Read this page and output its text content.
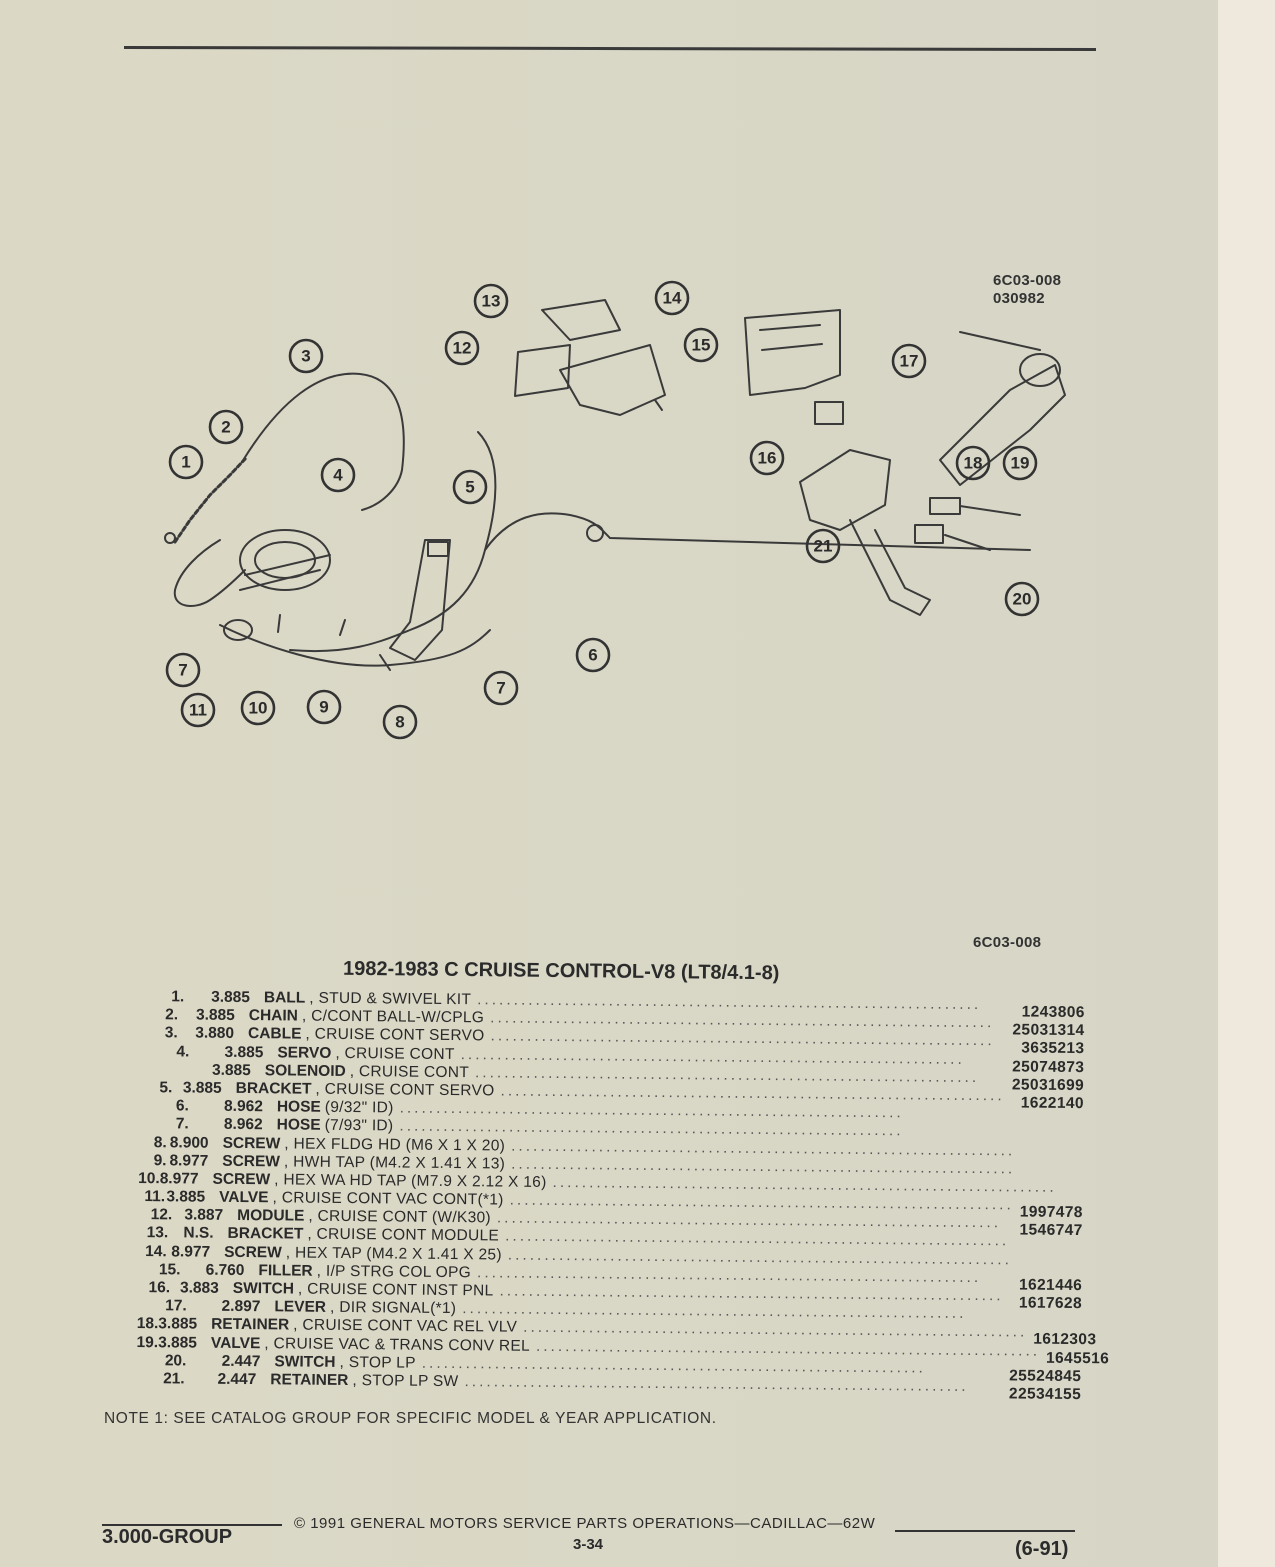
6C03-008
030982
1
2
3
4
5
6
7
7
8
9
10
11
12
13	14
15
16
17
18 19
20
21
6C03-008
1982-1983 C CRUISE CONTROL-V8 (LT8/4.1-8)
1.	3.885 BALL , STUD & SWIVEL KIT .....................................................................	1243806
2.	3.885 CHAIN , C/CONT BALL-W/CPLG .....................................................................	25031314
3.	3.880 CABLE , CRUISE CONT SERVO .....................................................................	3635213
4.	3.885 SERVO , CRUISE CONT .....................................................................	25074873
3.885 SOLENOID , CRUISE CONT .....................................................................	25031699
5. 3.885 BRACKET , CRUISE CONT SERVO .....................................................................	1622140
6.	8.962 HOSE (9/32" ID) .....................................................................
7.	8.962 HOSE (7/93" ID) .....................................................................
8. 8.900 SCREW , HEX FLDG HD (M6 X 1 X 20) .....................................................................
9. 8.977 SCREW , HWH TAP (M4.2 X 1.41 X 13) .....................................................................
10. 8.977 SCREW , HEX WA HD TAP (M7.9 X 2.12 X 16) .....................................................................
11. 3.885 VALVE , CRUISE CONT VAC CONT(*1) ..................................................................... 1997478
12. 3.887 MODULE , CRUISE CONT (W/K30) .....................................................................	1546747
13. N.S. BRACKET , CRUISE CONT MODULE .....................................................................
14. 8.977 SCREW , HEX TAP (M4.2 X 1.41 X 25) .....................................................................
15.	6.760 FILLER , I/P STRG COL OPG .....................................................................	1621446
16. 3.883 SWITCH , CRUISE CONT INST PNL ..................................................................... 1617628
17.	2.897 LEVER , DIR SIGNAL(*1) .....................................................................
18. 3.885 RETAINER , CRUISE CONT VAC REL VLV ..................................................................... 1612303
19. 3.885 VALVE , CRUISE VAC & TRANS CONV REL ..................................................................... 1645516
20.	2.447 SWITCH , STOP LP .....................................................................	25524845
21.	2.447 RETAINER , STOP LP SW .....................................................................	22534155
NOTE 1: SEE CATALOG GROUP FOR SPECIFIC MODEL & YEAR APPLICATION.
3.000-GROUP
© 1991 GENERAL MOTORS SERVICE PARTS OPERATIONS—CADILLAC—62W
3-34	(6-91)
